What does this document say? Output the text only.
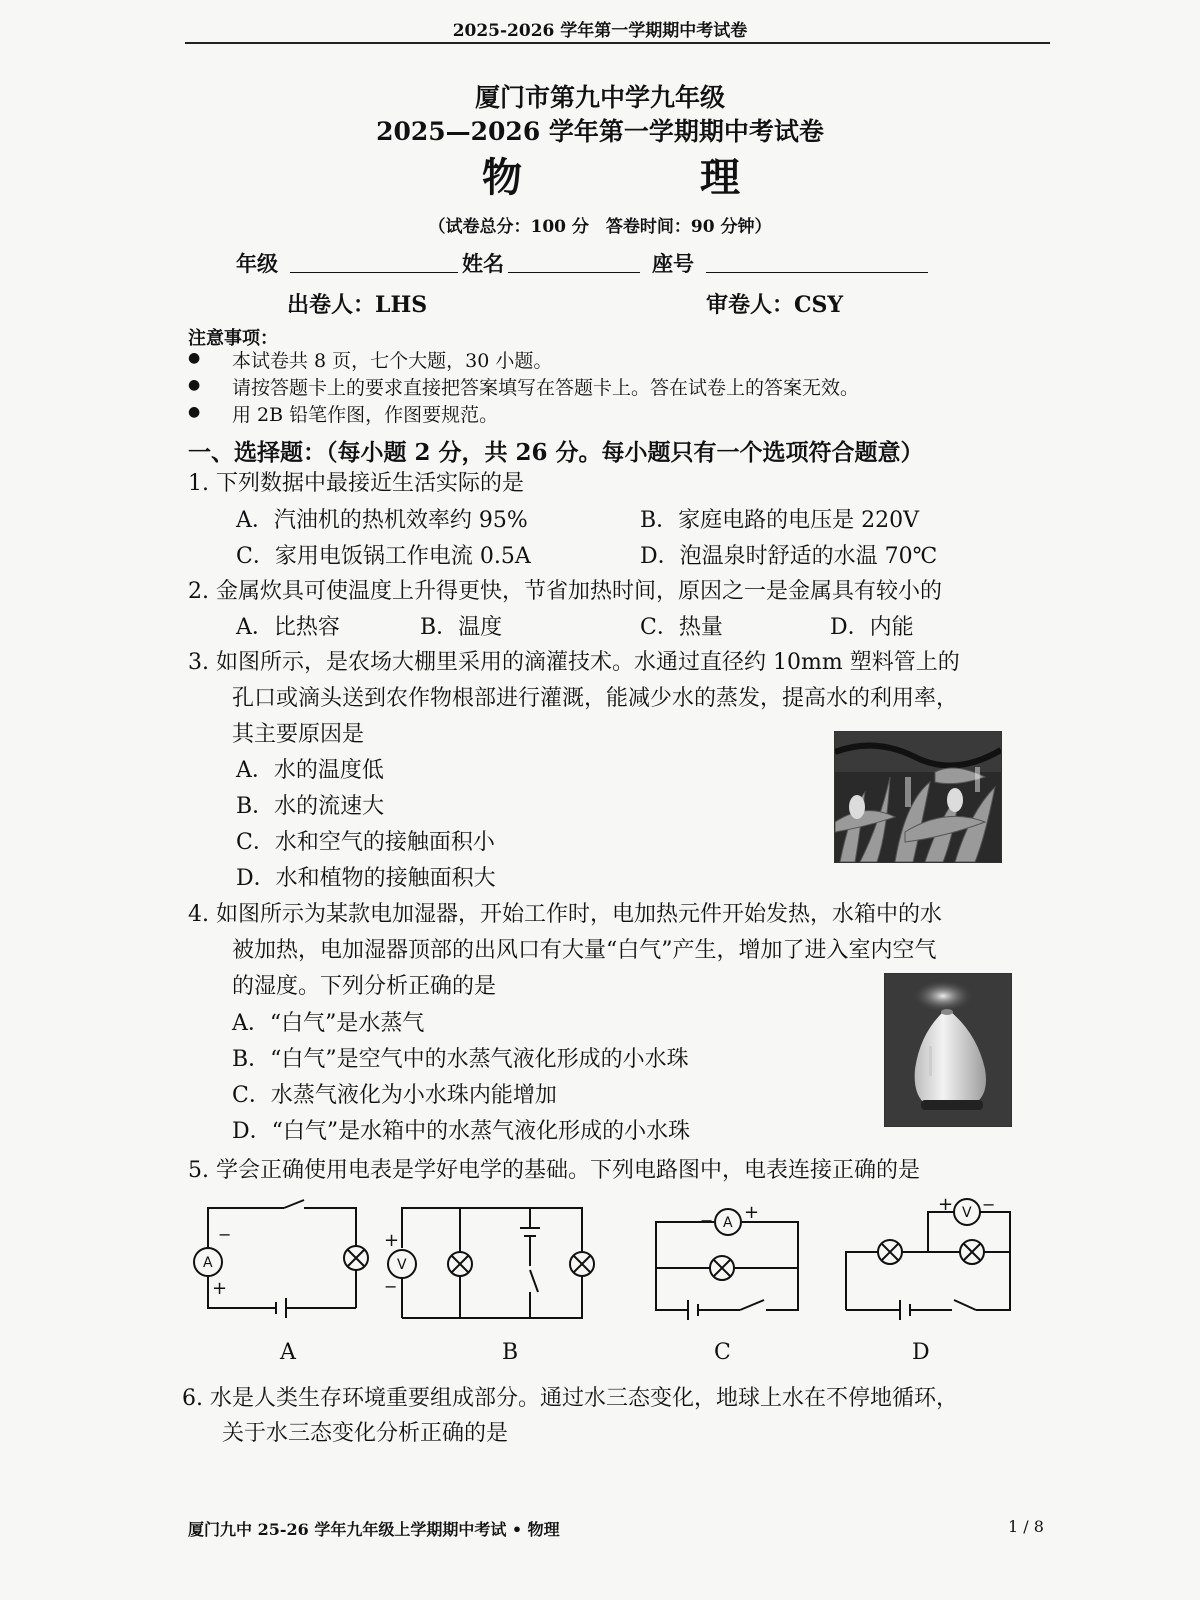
2025-2026 学年第一学期期中考试卷
厦门市第九中学九年级
2025—2026 学年第一学期期中考试卷
物	理
（试卷总分：100 分　答卷时间：90 分钟）
年级	姓名	座号
出卷人：LHS	审卷人：CSY
注意事项：
● 本试卷共 8 页，七个大题，30 小题。
● 请按答题卡上的要求直接把答案填写在答题卡上。答在试卷上的答案无效。
● 用 2B 铅笔作图，作图要规范。
一、选择题：（每小题 2 分，共 26 分。每小题只有一个选项符合题意）
1. 下列数据中最接近生活实际的是
A．汽油机的热机效率约 95%	B．家庭电路的电压是 220V
C．家用电饭锅工作电流 0.5A	D．泡温泉时舒适的水温 70℃
2. 金属炊具可使温度上升得更快，节省加热时间，原因之一是金属具有较小的
A．比热容	B．温度	C．热量	D．内能
3. 如图所示，是农场大棚里采用的滴灌技术。水通过直径约 10mm 塑料管上的
孔口或滴头送到农作物根部进行灌溉，能减少水的蒸发，提高水的利用率，
其主要原因是
A．水的温度低
B．水的流速大
C．水和空气的接触面积小
D．水和植物的接触面积大
4. 如图所示为某款电加湿器，开始工作时，电加热元件开始发热，水箱中的水
被加热，电加湿器顶部的出风口有大量“白气”产生，增加了进入室内空气
的湿度。下列分析正确的是
A．“白气”是水蒸气
B．“白气”是空气中的水蒸气液化形成的小水珠
C．水蒸气液化为小水珠内能增加
D．“白气”是水箱中的水蒸气液化形成的小水珠
5. 学会正确使用电表是学好电学的基础。下列电路图中，电表连接正确的是
A
−
+
V
+
−
A
− +	V
+ −
A	B	C	D
6. 水是人类生存环境重要组成部分。通过水三态变化，地球上水在不停地循环，
关于水三态变化分析正确的是
厦门九中 25-26 学年九年级上学期期中考试 • 物理	1 / 8
